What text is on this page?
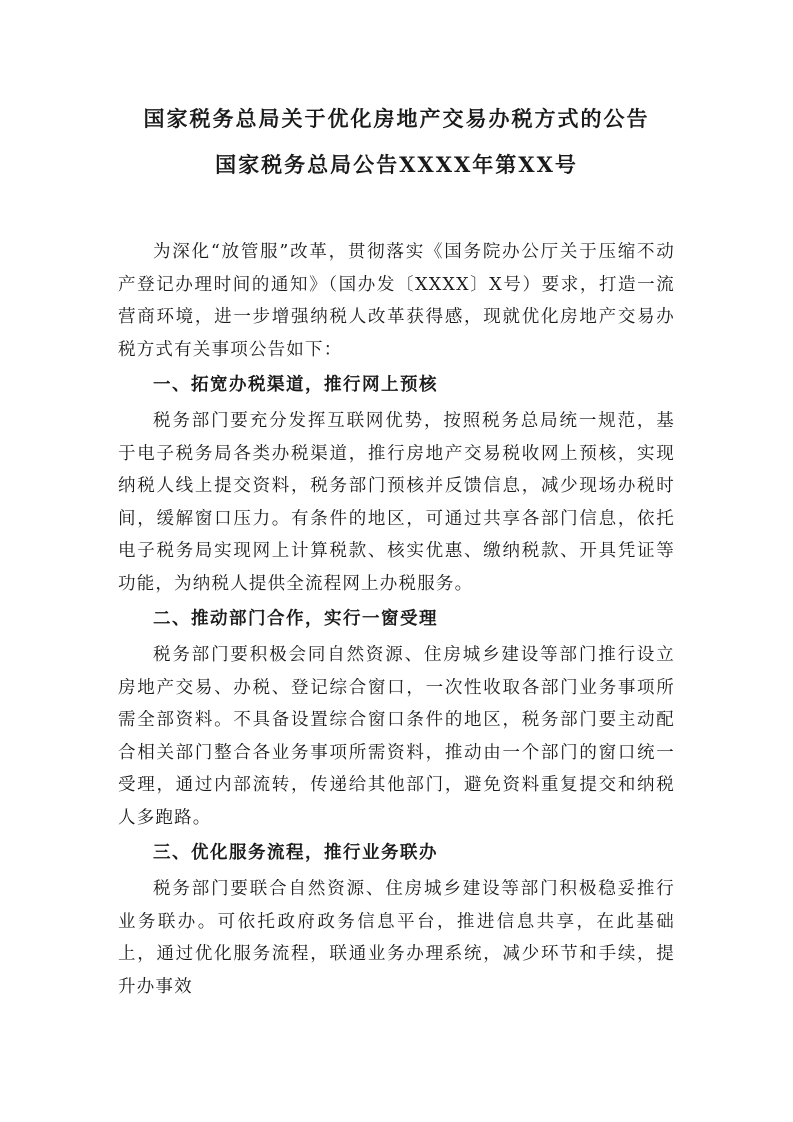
国家税务总局关于优化房地产交易办税方式的公告
国家税务总局公告XXXX年第XX号

为深化“放管服”改革，贯彻落实《国务院办公厅关于压缩不动产登记办理时间的通知》（国办发〔XXXX〕X号）要求，打造一流营商环境，进一步增强纳税人改革获得感，现就优化房地产交易办税方式有关事项公告如下：

一、拓宽办税渠道，推行网上预核

税务部门要充分发挥互联网优势，按照税务总局统一规范，基于电子税务局各类办税渠道，推行房地产交易税收网上预核，实现纳税人线上提交资料，税务部门预核并反馈信息，减少现场办税时间，缓解窗口压力。有条件的地区，可通过共享各部门信息，依托电子税务局实现网上计算税款、核实优惠、缴纳税款、开具凭证等功能，为纳税人提供全流程网上办税服务。

二、推动部门合作，实行一窗受理

税务部门要积极会同自然资源、住房城乡建设等部门推行设立房地产交易、办税、登记综合窗口，一次性收取各部门业务事项所需全部资料。不具备设置综合窗口条件的地区，税务部门要主动配合相关部门整合各业务事项所需资料，推动由一个部门的窗口统一受理，通过内部流转，传递给其他部门，避免资料重复提交和纳税人多跑路。

三、优化服务流程，推行业务联办

税务部门要联合自然资源、住房城乡建设等部门积极稳妥推行业务联办。可依托政府政务信息平台，推进信息共享，在此基础上，通过优化服务流程，联通业务办理系统，减少环节和手续，提升办事效
